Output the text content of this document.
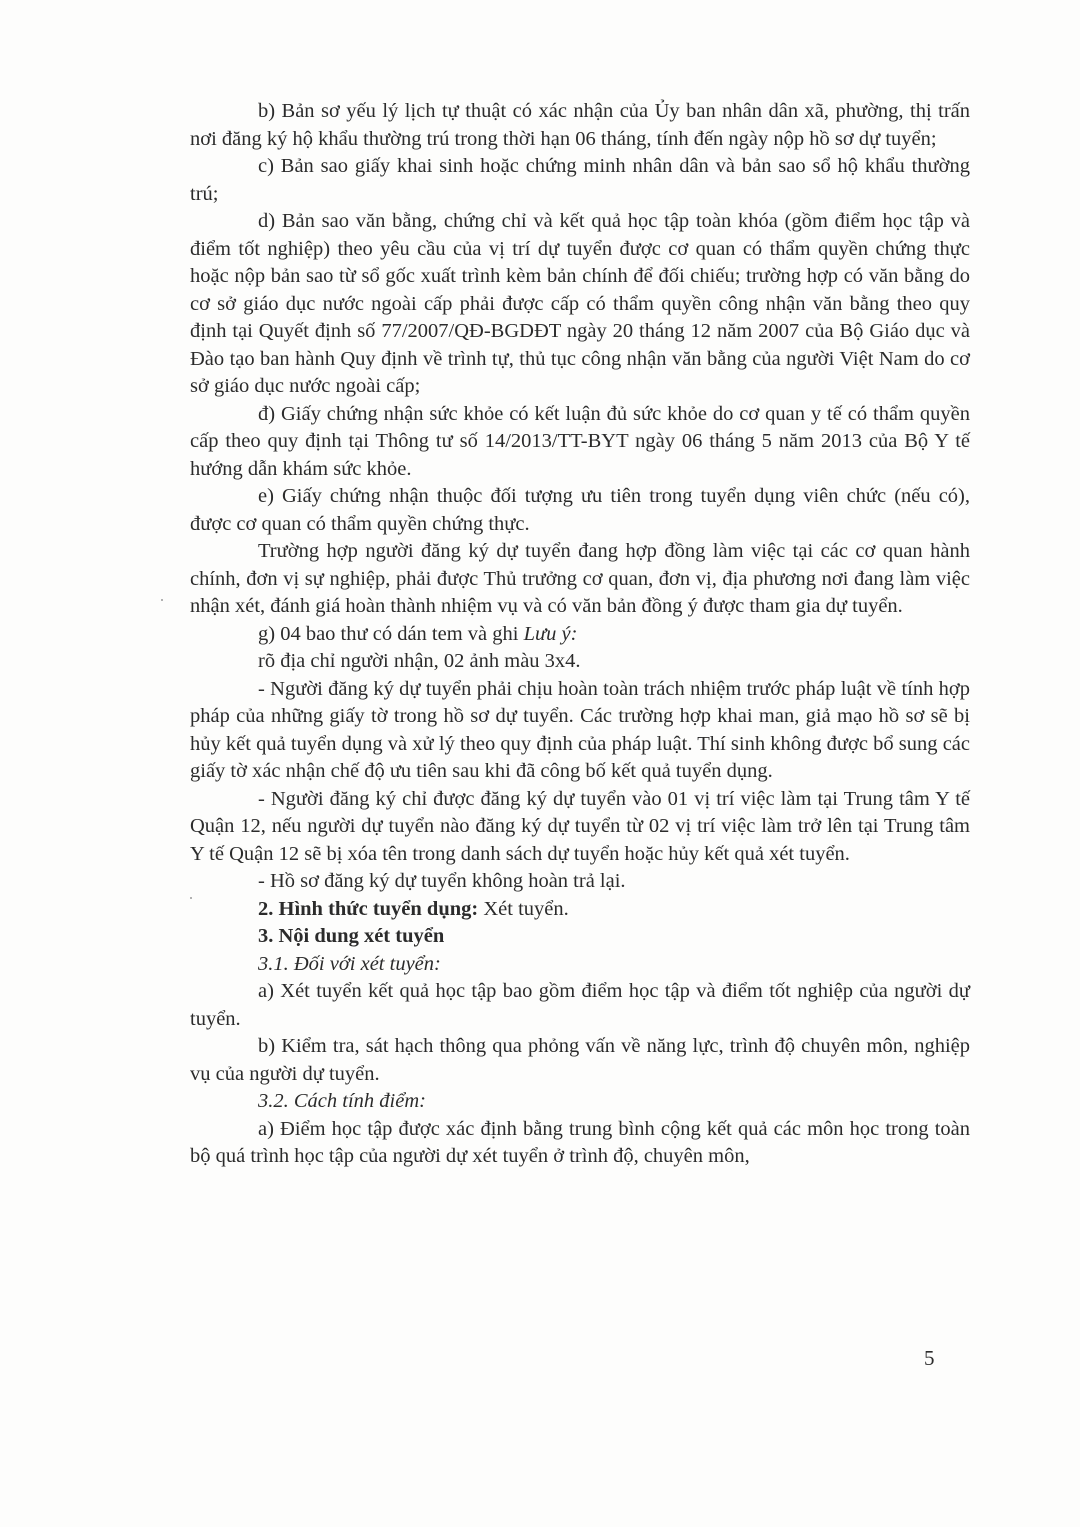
b) Bản sơ yếu lý lịch tự thuật có xác nhận của Ủy ban nhân dân xã, phường, thị trấn nơi đăng ký hộ khẩu thường trú trong thời hạn 06 tháng, tính đến ngày nộp hồ sơ dự tuyển;

c) Bản sao giấy khai sinh hoặc chứng minh nhân dân và bản sao sổ hộ khẩu thường trú;

d) Bản sao văn bằng, chứng chỉ và kết quả học tập toàn khóa (gồm điểm học tập và điểm tốt nghiệp) theo yêu cầu của vị trí dự tuyển được cơ quan có thẩm quyền chứng thực hoặc nộp bản sao từ sổ gốc xuất trình kèm bản chính để đối chiếu; trường hợp có văn bằng do cơ sở giáo dục nước ngoài cấp phải được cấp có thẩm quyền công nhận văn bằng theo quy định tại Quyết định số 77/2007/QĐ-BGDĐT ngày 20 tháng 12 năm 2007 của Bộ Giáo dục và Đào tạo ban hành Quy định về trình tự, thủ tục công nhận văn bằng của người Việt Nam do cơ sở giáo dục nước ngoài cấp;

đ) Giấy chứng nhận sức khỏe có kết luận đủ sức khỏe do cơ quan y tế có thẩm quyền cấp theo quy định tại Thông tư số 14/2013/TT-BYT ngày 06 tháng 5 năm 2013 của Bộ Y tế hướng dẫn khám sức khỏe.

e) Giấy chứng nhận thuộc đối tượng ưu tiên trong tuyển dụng viên chức (nếu có), được cơ quan có thẩm quyền chứng thực.

Trường hợp người đăng ký dự tuyển đang hợp đồng làm việc tại các cơ quan hành chính, đơn vị sự nghiệp, phải được Thủ trưởng cơ quan, đơn vị, địa phương nơi đang làm việc nhận xét, đánh giá hoàn thành nhiệm vụ và có văn bản đồng ý được tham gia dự tuyển.

g) 04 bao thư có dán tem và ghi Lưu ý:

rõ địa chỉ người nhận, 02 ảnh màu 3x4.

- Người đăng ký dự tuyển phải chịu hoàn toàn trách nhiệm trước pháp luật về tính hợp pháp của những giấy tờ trong hồ sơ dự tuyển. Các trường hợp khai man, giả mạo hồ sơ sẽ bị hủy kết quả tuyển dụng và xử lý theo quy định của pháp luật. Thí sinh không được bổ sung các giấy tờ xác nhận chế độ ưu tiên sau khi đã công bố kết quả tuyển dụng.

- Người đăng ký chỉ được đăng ký dự tuyển vào 01 vị trí việc làm tại Trung tâm Y tế Quận 12, nếu người dự tuyển nào đăng ký dự tuyển từ 02 vị trí việc làm trở lên tại Trung tâm Y tế Quận 12 sẽ bị xóa tên trong danh sách dự tuyển hoặc hủy kết quả xét tuyển.

- Hồ sơ đăng ký dự tuyển không hoàn trả lại.

2. Hình thức tuyển dụng: Xét tuyển.

3. Nội dung xét tuyển

3.1. Đối với xét tuyển:

a) Xét tuyển kết quả học tập bao gồm điểm học tập và điểm tốt nghiệp của người dự tuyển.

b) Kiểm tra, sát hạch thông qua phỏng vấn về năng lực, trình độ chuyên môn, nghiệp vụ của người dự tuyển.

3.2. Cách tính điểm:

a) Điểm học tập được xác định bằng trung bình cộng kết quả các môn học trong toàn bộ quá trình học tập của người dự xét tuyển ở trình độ, chuyên môn,

5
